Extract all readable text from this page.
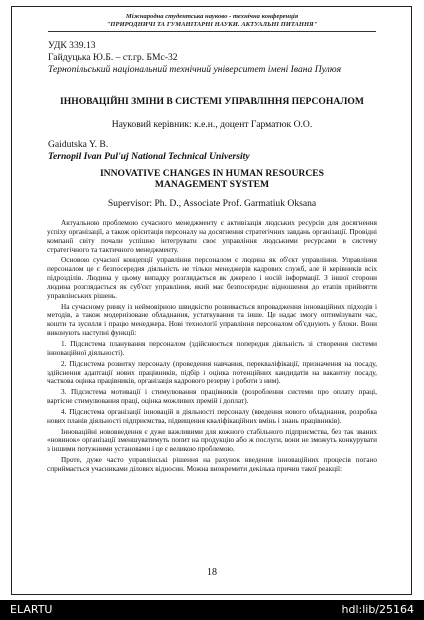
Міжнародна студентська науково - технічна конференція
"ПРИРОДНИЧІ ТА ГУМАНІТАРНІ НАУКИ. АКТУАЛЬНІ ПИТАННЯ"
УДК 339.13
Гайдуцька Ю.Б. – ст.гр. БМс-32
Тернопільський національний технічний університет імені Івана Пулюя
ІННОВАЦІЙНІ ЗМІНИ В СИСТЕМІ УПРАВЛІННЯ ПЕРСОНАЛОМ
Науковий керівник: к.е.н., доцент Гарматюк О.О.
Gaidutska Y. B.
Ternopil Ivan Pul'uj National Technical University
INNOVATIVE CHANGES IN HUMAN RESOURCES
MANAGEMENT SYSTEM
Supervisor: Ph. D., Associate Prof. Garmatiuk Oksana

Актуальною проблемою сучасного менеджменту є активізація людських ресурсів для досягнення успіху організації, а також орієнтація персоналу на досягнення стратегічних завдань організації. Провідні компанії світу почали успішно інтегрувати своє управління людськими ресурсами в систему стратегічного та тактичного менеджменту.

Основою сучасної концепції управління персоналом є людина як об'єкт управління. Управління персоналом це є безпосередня діяльність не тільки менеджерів кадрових служб, але й керівників всіх підрозділів. Людина у цьому випадку розглядається як джерело і носій інформації. З іншої сторони людина розглядається як суб'єкт управління, який має безпосереднє відношення до етапів прийняття управлінських рішень.

На сучасному ринку із неймовірною швидкістю розвивається впровадження інноваційних підходів і методів, а також модернізоване обладнання, устаткування та інше. Це надає змогу оптимізувати час, кошти та зусилля і працю менеджера. Нові технології управління персоналом об'єднують у блоки. Вони виконують наступні функції:

1. Підсистема планування персоналом (здійснюється попередня діяльність зі створення системи інноваційної діяльності).

2. Підсистема розвитку персоналу (проведення навчання, перекваліфікації, призначення на посаду, здійснення адаптації нових працівників, підбір і оцінка потенційних кандидатів на вакантну посаду, часткова оцінка працівників, організація кадрового резерву і роботи з ним).

3. Підсистема мотивації і стимулювання працівників (розроблення системи про оплату праці, вартісне стимулювання праці, оцінка можливих премій і доплат).

4. Підсистема організації інновацій в діяльності персоналу (введення нового обладнання, розробка нових планів діяльності підприємства, підвищення кваліфікаційних вмінь і знань працівників).

Інноваційні нововведення є дуже важливими для кожного стабільного підприємства, без так званих «новинок» організації зменшуватимуть попит на продукцію або ж послуги, вони не зможуть конкурувати з іншими потужними установами і це є великою проблемою.

Проте, дуже часто управлінські рішення на рахунок введення інноваційних процесів погано сприймається учасниками ділових відносин. Можна виокремити декілька причин такої реакції:

18
ELARTU	hdl:lib/25164
